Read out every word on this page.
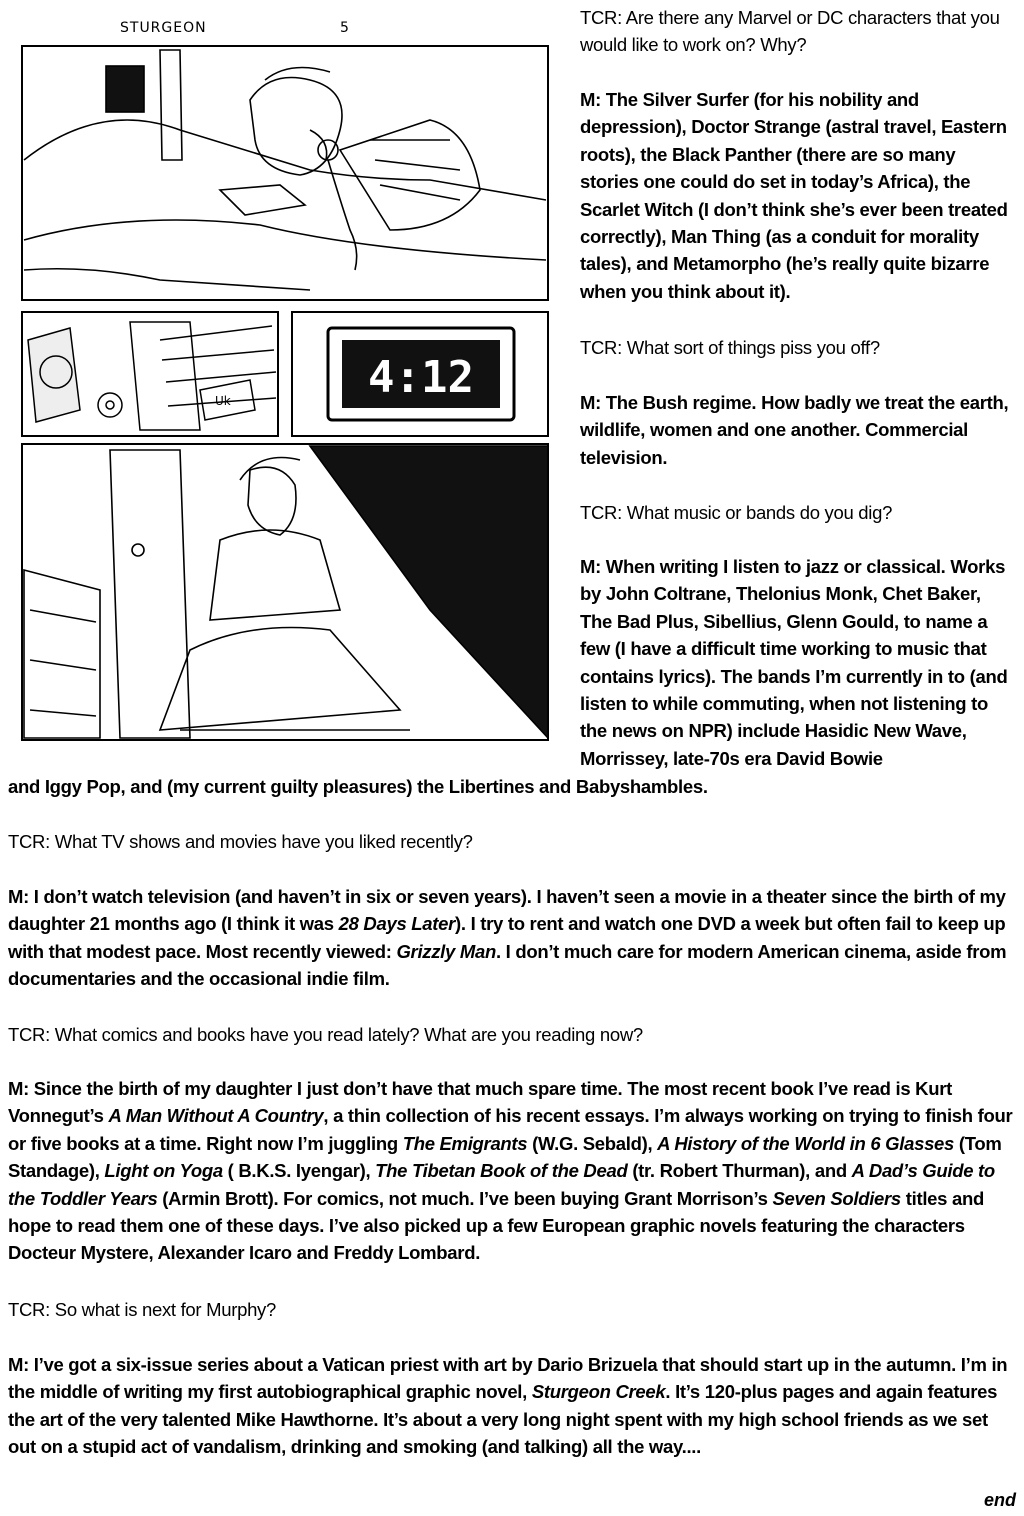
Uk	4:12
STURGEON	5	TCR: Are there any Marvel or DC characters that you would like to work on? Why?
M: The Silver Surfer (for his nobility and depression), Doctor Strange (astral travel, Eastern roots), the Black Panther (there are so many stories one could do set in today’s Africa), the Scarlet Witch (I don’t think she’s ever been treated correctly), Man Thing (as a conduit for morality tales), and Metamorpho (he’s really quite bizarre when you think about it).
TCR: What sort of things piss you off?
M: The Bush regime. How badly we treat the earth, wildlife, women and one another. Commercial television.
TCR: What music or bands do you dig?
M: When writing I listen to jazz or classical. Works by John Coltrane, Thelonius Monk, Chet Baker, The Bad Plus, Sibellius, Glenn Gould, to name a few (I have a difficult time working to music that contains lyrics). The bands I’m currently in to (and listen to while commuting, when not listening to the news on NPR) include Hasidic New Wave, Morrissey, late-70s era David Bowie
and Iggy Pop, and (my current guilty pleasures) the Libertines and Babyshambles.
TCR: What TV shows and movies have you liked recently?
M: I don’t watch television (and haven’t in six or seven years). I haven’t seen a movie in a theater since the birth of my daughter 21 months ago (I think it was 28 Days Later). I try to rent and watch one DVD a week but often fail to keep up with that modest pace. Most recently viewed: Grizzly Man. I don’t much care for modern American cinema, aside from documentaries and the occasional indie film.
TCR: What comics and books have you read lately? What are you reading now?
M: Since the birth of my daughter I just don’t have that much spare time. The most recent book I’ve read is Kurt Vonnegut’s A Man Without A Country, a thin collection of his recent essays. I’m always working on trying to finish four or five books at a time. Right now I’m juggling The Emigrants (W.G. Sebald), A History of the World in 6 Glasses (Tom Standage), Light on Yoga ( B.K.S. Iyengar), The Tibetan Book of the Dead (tr. Robert Thurman), and A Dad’s Guide to the Toddler Years (Armin Brott). For comics, not much. I’ve been buying Grant Morrison’s Seven Soldiers titles and hope to read them one of these days. I’ve also picked up a few European graphic novels featuring the characters Docteur Mystere, Alexander Icaro and Freddy Lombard.
TCR: So what is next for Murphy?
M: I’ve got a six-issue series about a Vatican priest with art by Dario Brizuela that should start up in the autumn. I’m in the middle of writing my first autobiographical graphic novel, Sturgeon Creek. It’s 120-plus pages and again features the art of the very talented Mike Hawthorne. It’s about a very long night spent with my high school friends as we set out on a stupid act of vandalism, drinking and smoking (and talking) all the way....
end
